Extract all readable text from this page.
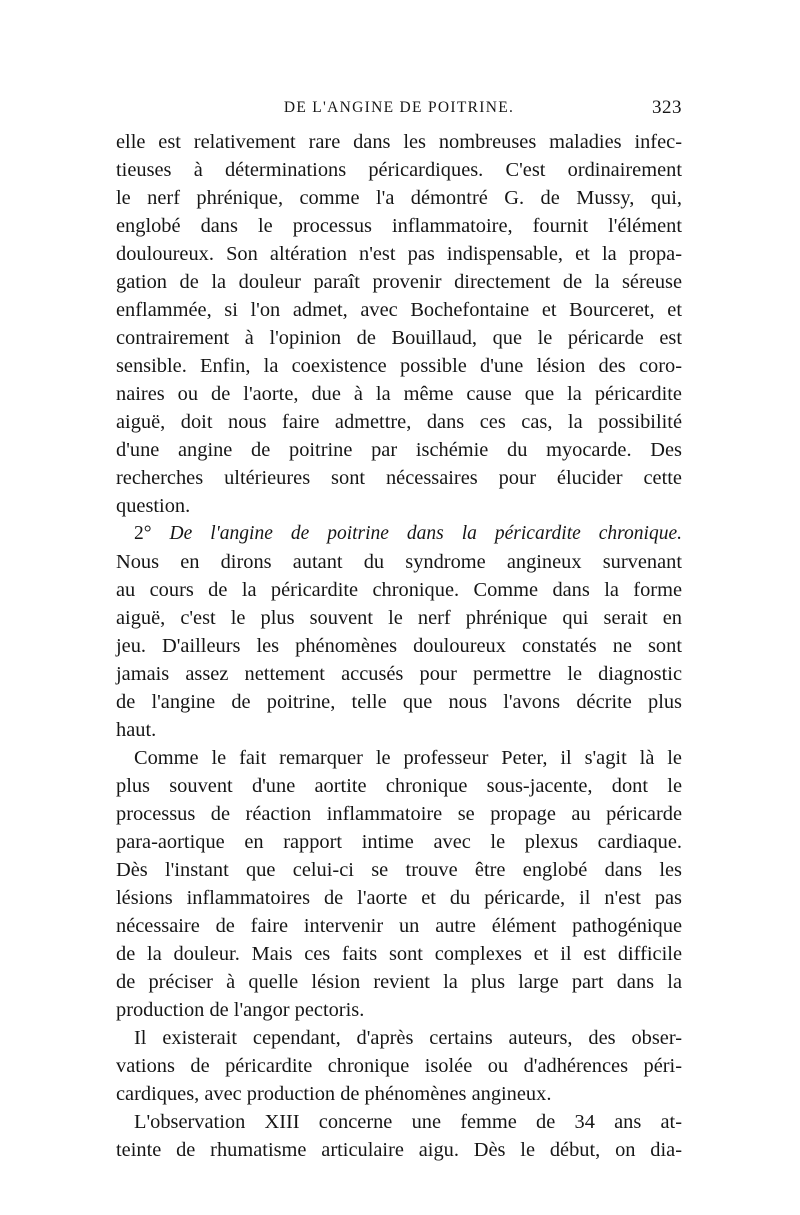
DE L'ANGINE DE POITRINE.	323
elle est relativement rare dans les nombreuses maladies infec-
tieuses à déterminations péricardiques. C'est ordinairement
le nerf phrénique, comme l'a démontré G. de Mussy, qui,
englobé dans le processus inflammatoire, fournit l'élément
douloureux. Son altération n'est pas indispensable, et la propa-
gation de la douleur paraît provenir directement de la séreuse
enflammée, si l'on admet, avec Bochefontaine et Bourceret, et
contrairement à l'opinion de Bouillaud, que le péricarde est
sensible. Enfin, la coexistence possible d'une lésion des coro-
naires ou de l'aorte, due à la même cause que la péricardite
aiguë, doit nous faire admettre, dans ces cas, la possibilité
d'une angine de poitrine par ischémie du myocarde. Des
recherches ultérieures sont nécessaires pour élucider cette
question.
2° De l'angine de poitrine dans la péricardite chronique.
Nous en dirons autant du syndrome angineux survenant
au cours de la péricardite chronique. Comme dans la forme
aiguë, c'est le plus souvent le nerf phrénique qui serait en
jeu. D'ailleurs les phénomènes douloureux constatés ne sont
jamais assez nettement accusés pour permettre le diagnostic
de l'angine de poitrine, telle que nous l'avons décrite plus
haut.
Comme le fait remarquer le professeur Peter, il s'agit là le
plus souvent d'une aortite chronique sous-jacente, dont le
processus de réaction inflammatoire se propage au péricarde
para-aortique en rapport intime avec le plexus cardiaque.
Dès l'instant que celui-ci se trouve être englobé dans les
lésions inflammatoires de l'aorte et du péricarde, il n'est pas
nécessaire de faire intervenir un autre élément pathogénique
de la douleur. Mais ces faits sont complexes et il est difficile
de préciser à quelle lésion revient la plus large part dans la
production de l'angor pectoris.
Il existerait cependant, d'après certains auteurs, des obser-
vations de péricardite chronique isolée ou d'adhérences péri-
cardiques, avec production de phénomènes angineux.
L'observation XIII concerne une femme de 34 ans at-
teinte de rhumatisme articulaire aigu. Dès le début, on dia-
